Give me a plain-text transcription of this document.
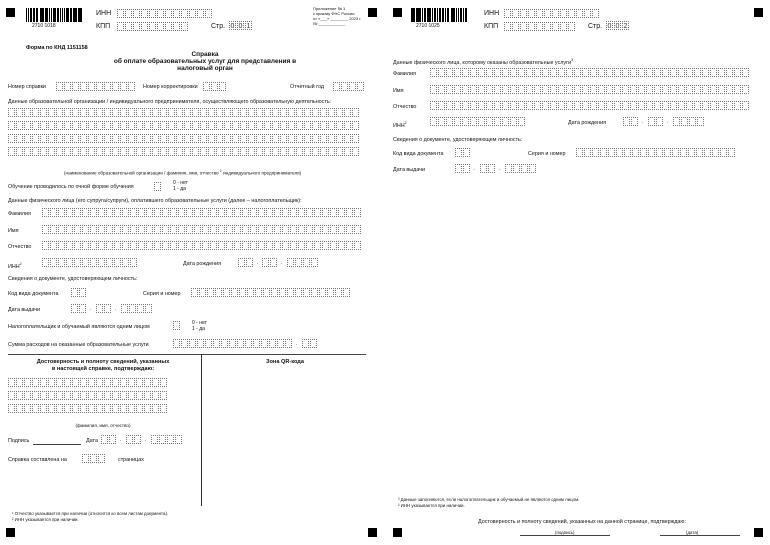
2710 1018
ИНН
КПП	Стр. 0 0 1
Приложение № 1
к приказу ФНС России
от «___» ________ 2023 г.
№ ____________
Форма по КНД 1151158
Справка
об оплате образовательных услуг для представления в
налоговый орган
Номер справки	Номер корректировки	Отчетный год
Данные образовательной организации / индивидуального предпринимателя, осуществляющего образовательную деятельность:
(наименование образовательной организации / фамилия, имя, отчество $^1$ индивидуального предпринимателя)
Обучение проводилось по очной форме обучения
0 - нет
1 - да
Данные физического лица (его супруга/супруги), оплатившего образовательные услуги (далее – налогоплательщик):
Фамилия
Имя
Отчество
ИНН$^2$	Дата рождения	.	.
Сведения о документе, удостоверяющем личность:
Код вида документа	Серия и номер
Дата выдачи	.	.
Налогоплательщик и обучаемый являются одним лицом
0 - нет
1 - да
Сумма расходов на оказанные образовательные услуги	.
Достоверность и полноту сведений, указанных
в настоящей справке, подтверждаю:
(фамилия, имя, отчество)
Подпись	Дата	.	.
Справка составлена на	страницах
Зона QR-кода
¹ Отчество указывается при наличии (относится ко всем листам документа).
² ИНН указывается при наличии.
2710 1025
ИНН
КПП	Стр. 0 0 2
Данные физического лица, которому оказаны образовательные услуги$^3$
Фамилия
Имя
Отчество
ИНН$^2$	Дата рождения	.	.
Сведения о документе, удостоверяющем личность:
Код вида документа	Серия и номер
Дата выдачи	.	.
³ Данные заполняются, если налогоплательщик и обучаемый не являются одним лицом.
² ИНН указывается при наличии.
Достоверность и полноту сведений, указанных на данной странице, подтверждаю:
(подпись)	(дата)
